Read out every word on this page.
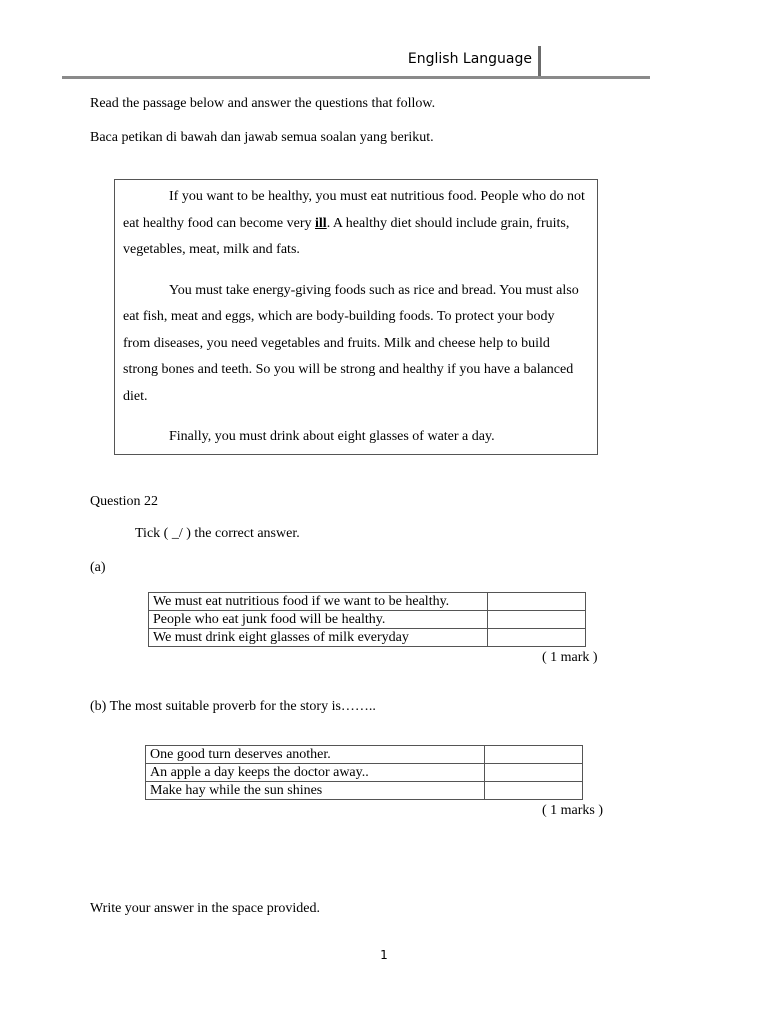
English Language
Read the passage below and answer the questions that follow.
Baca petikan di bawah dan jawab semua soalan yang berikut.

If you want to be healthy, you must eat nutritious food. People who do not eat healthy food can become very ill. A healthy diet should include grain, fruits, vegetables, meat, milk and fats.

You must take energy-giving foods such as rice and bread. You must also eat fish, meat and eggs, which are body-building foods. To protect your body from diseases, you need vegetables and fruits. Milk and cheese help to build strong bones and teeth. So you will be strong and healthy if you have a balanced diet.

Finally, you must drink about eight glasses of water a day.

Question 22
Tick ( _/ ) the correct answer.
(a)
We must eat nutritious food if we want to be healthy.	
People who eat junk food will be healthy.	
We must drink eight glasses of milk everyday	
( 1 mark )
(b) The most suitable proverb for the story is……..
One good turn deserves another.	
An apple a day keeps the doctor away..	
Make hay while the sun shines	
( 1 marks )
Write your answer in the space provided.
1
